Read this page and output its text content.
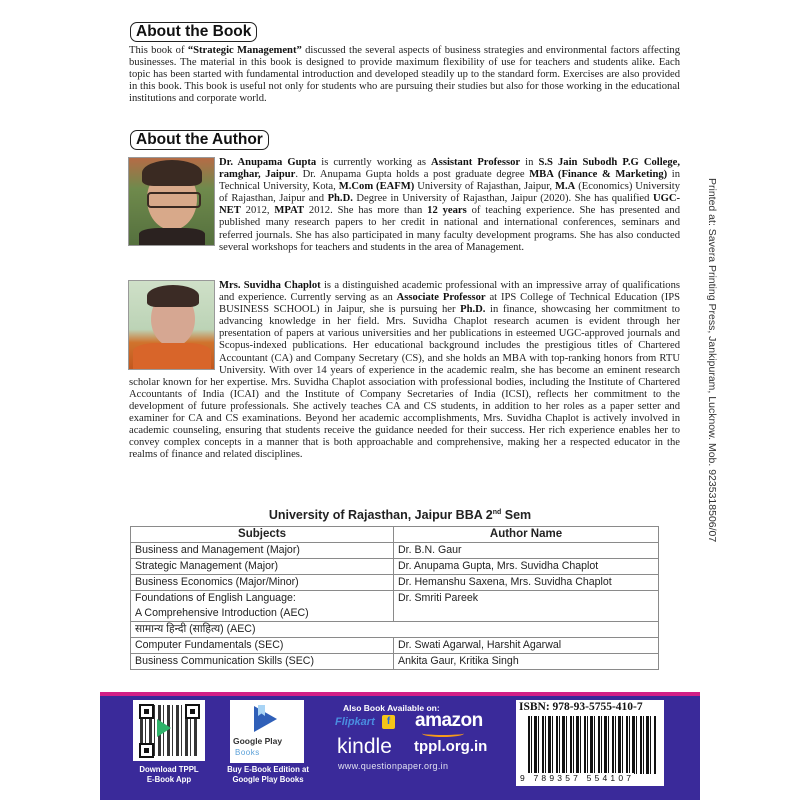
About the Book

This book of “Strategic Management” discussed the several aspects of business strategies and environmental factors affecting businesses. The material in this book is designed to provide maximum flexibility of use for teachers and students alike. Each topic has been started with fundamental introduction and developed steadily up to the standard form. Exercises are also provided in this book. This book is useful not only for students who are pursuing their studies but also for those working in the educational institutions and corporate world.

About the Author

Dr. Anupama Gupta is currently working as Assistant Professor in S.S Jain Subodh P.G College, ramghar, Jaipur. Dr. Anupama Gupta holds a post graduate degree MBA (Finance & Marketing) in Technical University, Kota, M.Com (EAFM) University of Rajasthan, Jaipur, M.A (Economics) University of Rajasthan, Jaipur and Ph.D. Degree in University of Rajasthan, Jaipur (2020). She has qualified UGC-NET 2012, MPAT 2012. She has more than 12 years of teaching experience. She has presented and published many research papers to her credit in national and international conferences, seminars and referred journals. She has also participated in many faculty development programs. She has also conducted several workshops for teachers and students in the area of Management.

Mrs. Suvidha Chaplot is a distinguished academic professional with an impressive array of qualifications and experience. Currently serving as an Associate Professor at IPS College of Technical Education (IPS BUSINESS SCHOOL) in Jaipur, she is pursuing her Ph.D. in finance, showcasing her commitment to advancing knowledge in her field. Mrs. Suvidha Chaplot research acumen is evident through her presentation of papers at various universities and her publications in esteemed UGC-approved journals and Scopus-indexed publications. Her educational background includes the prestigious titles of Chartered Accountant (CA) and Company Secretary (CS), and she holds an MBA with top-ranking honors from RTU University. With over 14 years of experience in the academic realm, she has become an eminent research scholar known for her expertise. Mrs. Suvidha Chaplot association with professional bodies, including the Institute of Chartered Accountants of India (ICAI) and the Institute of Company Secretaries of India (ICSI), reflects her commitment to the development of future professionals. She actively teaches CA and CS students, in addition to her roles as a paper setter and examiner for CA and CS examinations. Beyond her academic accomplishments, Mrs. Suvidha Chaplot is actively involved in academic counseling, ensuring that students receive the guidance needed for their success. Her rich experience enables her to convey complex concepts in a manner that is both approachable and comprehensive, making her a respected educator in the realms of finance and related disciplines.	Printed at: Savera Printing Press, Jankipuram, Lucknow. Mob. 9235318506/07
University of Rajasthan, Jaipur BBA 2nd Sem
Subjects	Author Name
Business and Management (Major)	Dr. B.N. Gaur
Strategic Management (Major)	Dr. Anupama Gupta, Mrs. Suvidha Chaplot
Business Economics (Major/Minor)	Dr. Hemanshu Saxena, Mrs. Suvidha Chaplot

Foundations of English Language:
A Comprehensive Introduction (AEC)	Dr. Smriti Pareek
सामान्य हिन्दी (साहित्य) (AEC)	
Computer Fundamentals (SEC)	Dr. Swati Agarwal, Harshit Agarwal
Business Communication Skills (SEC)	Ankita Gaur, Kritika Singh
Download TPPL
E-Book App
Google Play
Books
Buy E-Book Edition at
Google Play Books
Also Book Available on:
Flipkart	f amazon
kindle tppl.org.in
www.questionpaper.org.in
ISBN: 978-93-5755-410-7
9 789357 554107
